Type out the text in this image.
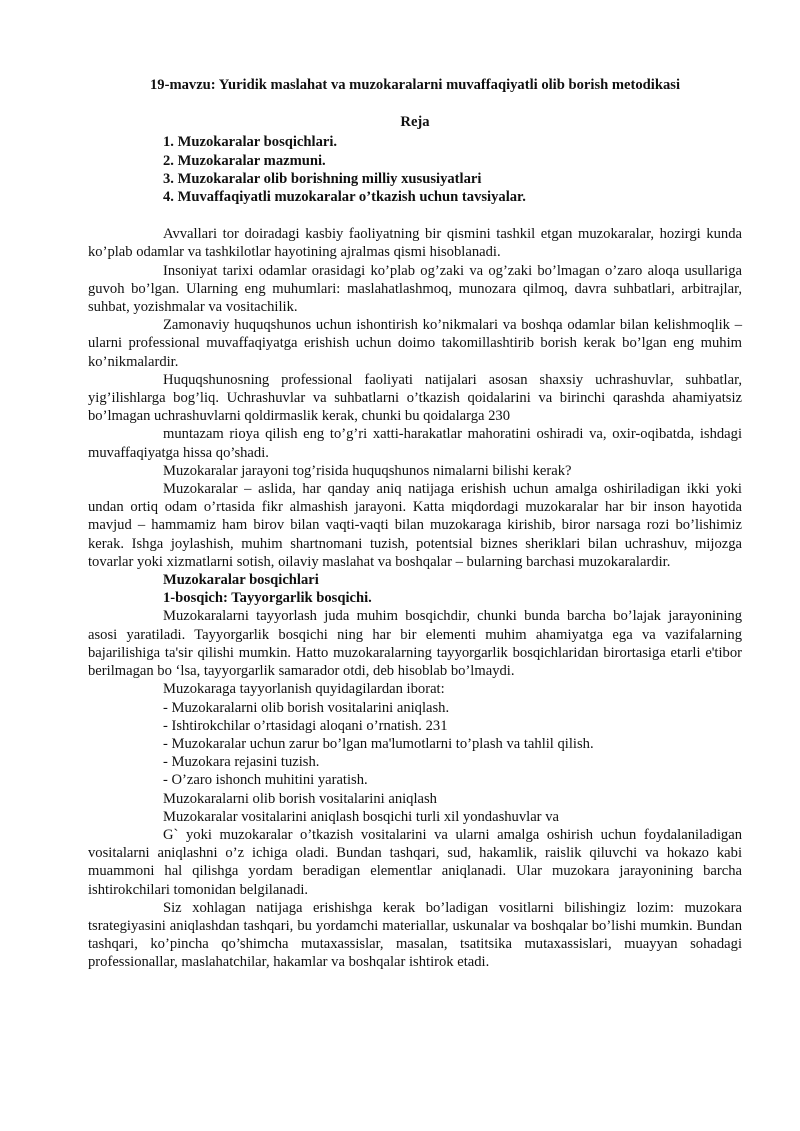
19-mavzu: Yuridik maslahat va muzokaralarni muvaffaqiyatli olib borish metodikasi
Reja
1. Muzokaralar bosqichlari.
2. Muzokaralar mazmuni.
3. Muzokaralar olib borishning milliy xususiyatlari
4. Muvaffaqiyatli muzokaralar o’tkazish uchun tavsiyalar.

Avvallari tor doiradagi kasbiy faoliyatning bir qismini tashkil etgan muzokaralar, hozirgi kunda ko’plab odamlar va tashkilotlar hayotining ajralmas qismi hisoblanadi.

Insoniyat tarixi odamlar orasidagi ko’plab og’zaki va og’zaki bo’lmagan o’zaro aloqa usullariga guvoh bo’lgan. Ularning eng muhumlari: maslahatlashmoq, munozara qilmoq, davra suhbatlari, arbitrajlar, suhbat, yozishmalar va vositachilik.

Zamonaviy huquqshunos uchun ishontirish ko’nikmalari va boshqa odamlar bilan kelishmoqlik – ularni professional muvaffaqiyatga erishish uchun doimo takomillashtirib borish kerak bo’lgan eng muhim ko’nikmalardir.

Huquqshunosning professional faoliyati natijalari asosan shaxsiy uchrashuvlar, suhbatlar, yig’ilishlarga bog’liq. Uchrashuvlar va suhbatlarni o’tkazish qoidalarini va birinchi qarashda ahamiyatsiz bo’lmagan uchrashuvlarni qoldirmaslik kerak, chunki bu qoidalarga 230

muntazam rioya qilish eng to’g’ri xatti-harakatlar mahoratini oshiradi va, oxir-oqibatda, ishdagi muvaffaqiyatga hissa qo’shadi.

Muzokaralar jarayoni tog’risida huquqshunos nimalarni bilishi kerak?

Muzokaralar – aslida, har qanday aniq natijaga erishish uchun amalga oshiriladigan ikki yoki undan ortiq odam o’rtasida fikr almashish jarayoni. Katta miqdordagi muzokaralar har bir inson hayotida mavjud – hammamiz ham birov bilan vaqti-vaqti bilan muzokaraga kirishib, biror narsaga rozi bo’lishimiz kerak. Ishga joylashish, muhim shartnomani tuzish, potentsial biznes sheriklari bilan uchrashuv, mijozga tovarlar yoki xizmatlarni sotish, oilaviy maslahat va boshqalar – bularning barchasi muzokaralardir.

Muzokaralar bosqichlari

1-bosqich: Tayyorgarlik bosqichi.

Muzokaralarni tayyorlash juda muhim bosqichdir, chunki bunda barcha bo’lajak jarayonining asosi yaratiladi. Tayyorgarlik bosqichi ning har bir elementi muhim ahamiyatga ega va vazifalarning bajarilishiga ta'sir qilishi mumkin. Hatto muzokaralarning tayyorgarlik bosqichlaridan birortasiga etarli e'tibor berilmagan bo ‘lsa, tayyorgarlik samarador otdi, deb hisoblab bo’lmaydi.

Muzokaraga tayyorlanish quyidagilardan iborat:

- Muzokaralarni olib borish vositalarini aniqlash.

- Ishtirokchilar o’rtasidagi aloqani o’rnatish. 231

- Muzokaralar uchun zarur bo’lgan ma'lumotlarni to’plash va tahlil qilish.

- Muzokara rejasini tuzish.

- O’zaro ishonch muhitini yaratish.

Muzokaralarni olib borish vositalarini aniqlash

Muzokaralar vositalarini aniqlash bosqichi turli xil yondashuvlar va

G` yoki muzokaralar o’tkazish vositalarini va ularni amalga oshirish uchun foydalaniladigan vositalarni aniqlashni o’z ichiga oladi. Bundan tashqari, sud, hakamlik, raislik qiluvchi va hokazo kabi muammoni hal qilishga yordam beradigan elementlar aniqlanadi. Ular muzokara jarayonining barcha ishtirokchilari tomonidan belgilanadi.

Siz xohlagan natijaga erishishga kerak bo’ladigan vositlarni bilishingiz lozim: muzokara tsrategiyasini aniqlashdan tashqari, bu yordamchi materiallar, uskunalar va boshqalar bo’lishi mumkin. Bundan tashqari, ko’pincha qo’shimcha mutaxassislar, masalan, tsatitsika mutaxassislari, muayyan sohadagi professionallar, maslahatchilar, hakamlar va boshqalar ishtirok etadi.
